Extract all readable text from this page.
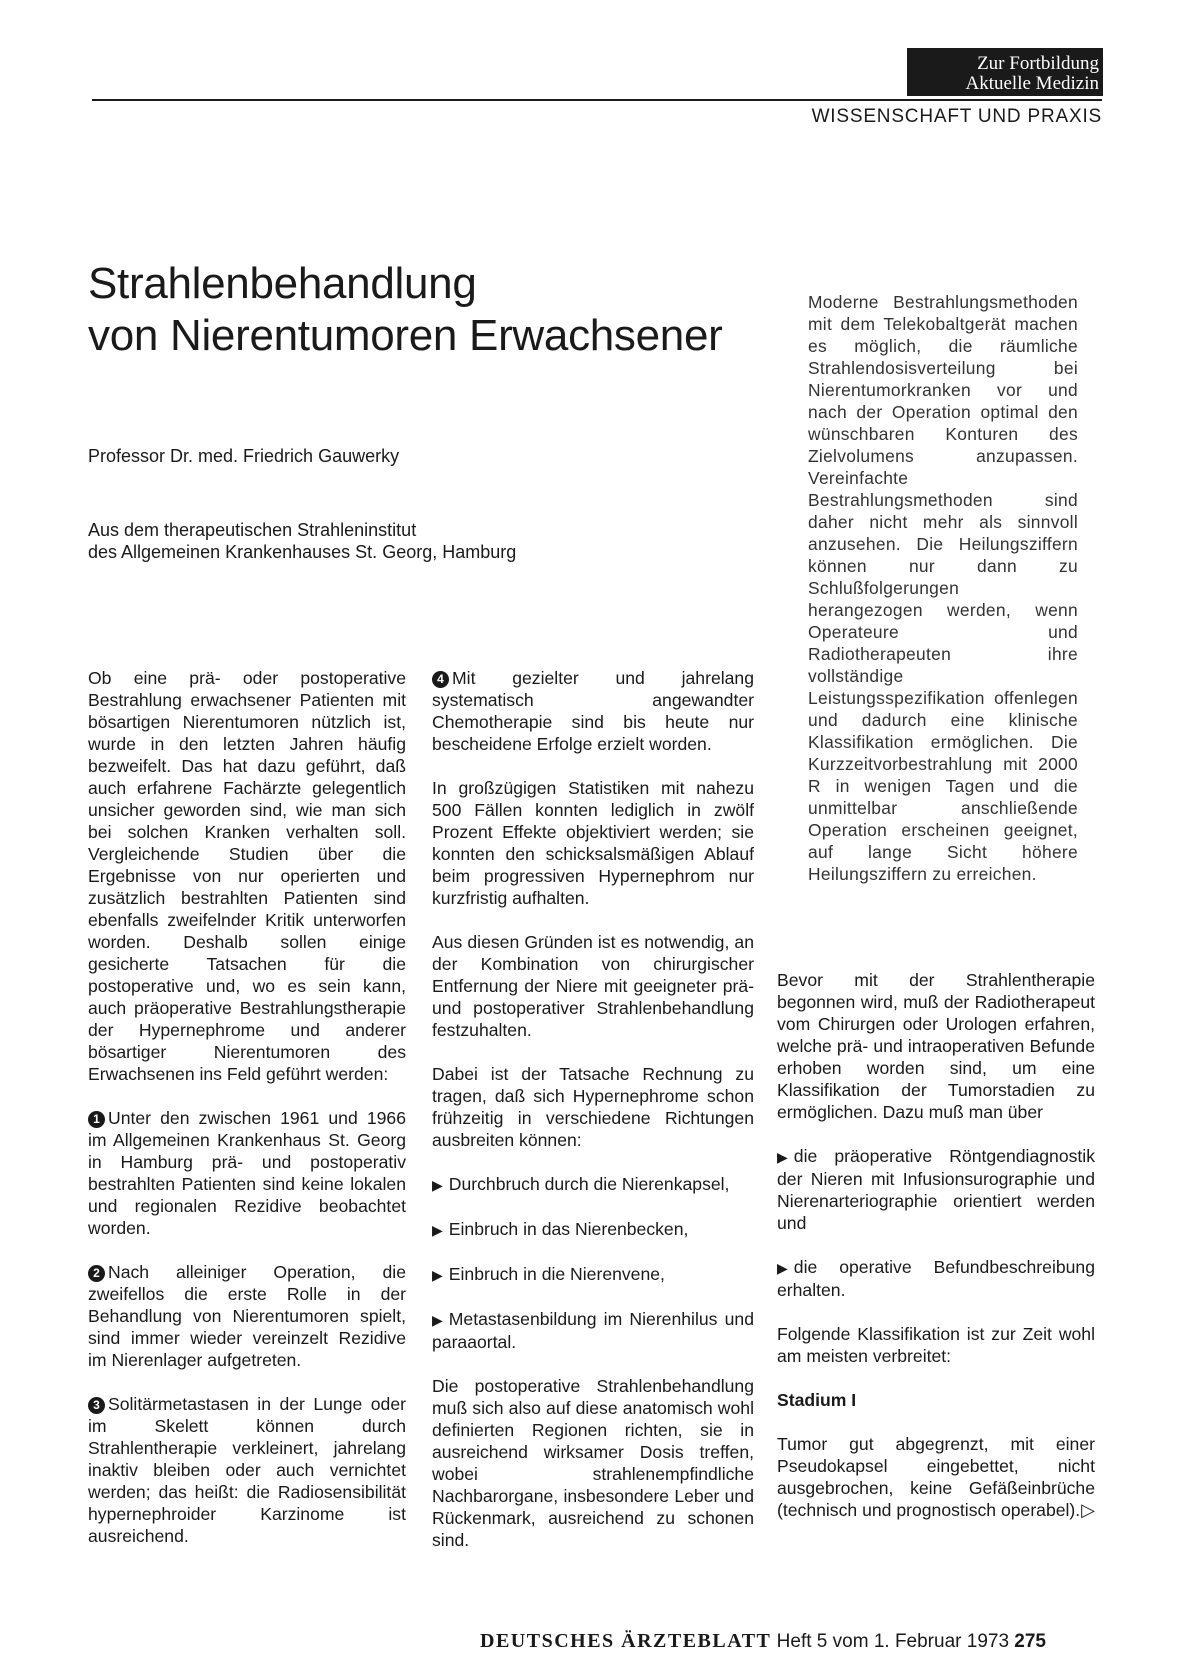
Zur Fortbildung
Aktuelle Medizin
WISSENSCHAFT UND PRAXIS
Strahlenbehandlung
von Nierentumoren Erwachsener
Professor Dr. med. Friedrich Gauwerky
Aus dem therapeutischen Strahleninstitut
des Allgemeinen Krankenhauses St. Georg, Hamburg
Moderne Bestrahlungsmethoden mit dem Telekobaltgerät machen es möglich, die räumliche Strahlendosisverteilung bei Nierentumorkranken vor und nach der Operation optimal den wünschbaren Konturen des Zielvolumens anzupassen. Vereinfachte Bestrahlungsmethoden sind daher nicht mehr als sinnvoll anzusehen. Die Heilungsziffern können nur dann zu Schlußfolgerungen herangezogen werden, wenn Operateure und Radiotherapeuten ihre vollständige Leistungsspezifikation offenlegen und dadurch eine klinische Klassifikation ermöglichen. Die Kurzzeitvorbestrahlung mit 2000 R in wenigen Tagen und die unmittelbar anschließende Operation erscheinen geeignet, auf lange Sicht höhere Heilungsziffern zu erreichen.

Ob eine prä- oder postoperative Bestrahlung erwachsener Patienten mit bösartigen Nierentumoren nützlich ist, wurde in den letzten Jahren häufig bezweifelt. Das hat dazu geführt, daß auch erfahrene Fachärzte gelegentlich unsicher geworden sind, wie man sich bei solchen Kranken verhalten soll. Vergleichende Studien über die Ergebnisse von nur operierten und zusätzlich bestrahlten Patienten sind ebenfalls zweifelnder Kritik unterworfen worden. Deshalb sollen einige gesicherte Tatsachen für die postoperative und, wo es sein kann, auch präoperative Bestrahlungstherapie der Hypernephrome und anderer bösartiger Nierentumoren des Erwachsenen ins Feld geführt werden:

1 Unter den zwischen 1961 und 1966 im Allgemeinen Krankenhaus St. Georg in Hamburg prä- und postoperativ bestrahlten Patienten sind keine lokalen und regionalen Rezidive beobachtet worden.

2 Nach alleiniger Operation, die zweifellos die erste Rolle in der Behandlung von Nierentumoren spielt, sind immer wieder vereinzelt Rezidive im Nierenlager aufgetreten.

3 Solitärmetastasen in der Lunge oder im Skelett können durch Strahlentherapie verkleinert, jahrelang inaktiv bleiben oder auch vernichtet werden; das heißt: die Radiosensibilität hypernephroider Karzinome ist ausreichend.

4 Mit gezielter und jahrelang systematisch angewandter Chemotherapie sind bis heute nur bescheidene Erfolge erzielt worden.

In großzügigen Statistiken mit nahezu 500 Fällen konnten lediglich in zwölf Prozent Effekte objektiviert werden; sie konnten den schicksalsmäßigen Ablauf beim progressiven Hypernephrom nur kurzfristig aufhalten.

Aus diesen Gründen ist es notwendig, an der Kombination von chirurgischer Entfernung der Niere mit geeigneter prä- und postoperativer Strahlenbehandlung festzuhalten.

Dabei ist der Tatsache Rechnung zu tragen, daß sich Hypernephrome schon frühzeitig in verschiedene Richtungen ausbreiten können:

▶ Durchbruch durch die Nierenkapsel,

▶ Einbruch in das Nierenbecken,

▶ Einbruch in die Nierenvene,

▶ Metastasenbildung im Nierenhilus und paraaortal.

Die postoperative Strahlenbehandlung muß sich also auf diese anatomisch wohl definierten Regionen richten, sie in ausreichend wirksamer Dosis treffen, wobei strahlenempfindliche Nachbarorgane, insbesondere Leber und Rückenmark, ausreichend zu schonen sind.

Bevor mit der Strahlentherapie begonnen wird, muß der Radiotherapeut vom Chirurgen oder Urologen erfahren, welche prä- und intraoperativen Befunde erhoben worden sind, um eine Klassifikation der Tumorstadien zu ermöglichen. Dazu muß man über

▶ die präoperative Röntgendiagnostik der Nieren mit Infusionsurographie und Nierenarteriographie orientiert werden und

▶ die operative Befundbeschreibung erhalten.

Folgende Klassifikation ist zur Zeit wohl am meisten verbreitet:

Stadium I

Tumor gut abgegrenzt, mit einer Pseudokapsel eingebettet, nicht ausgebrochen, keine Gefäßeinbrüche (technisch und prognostisch operabel). ▷

DEUTSCHES ÄRZTEBLATT Heft 5 vom 1. Februar 1973 275
